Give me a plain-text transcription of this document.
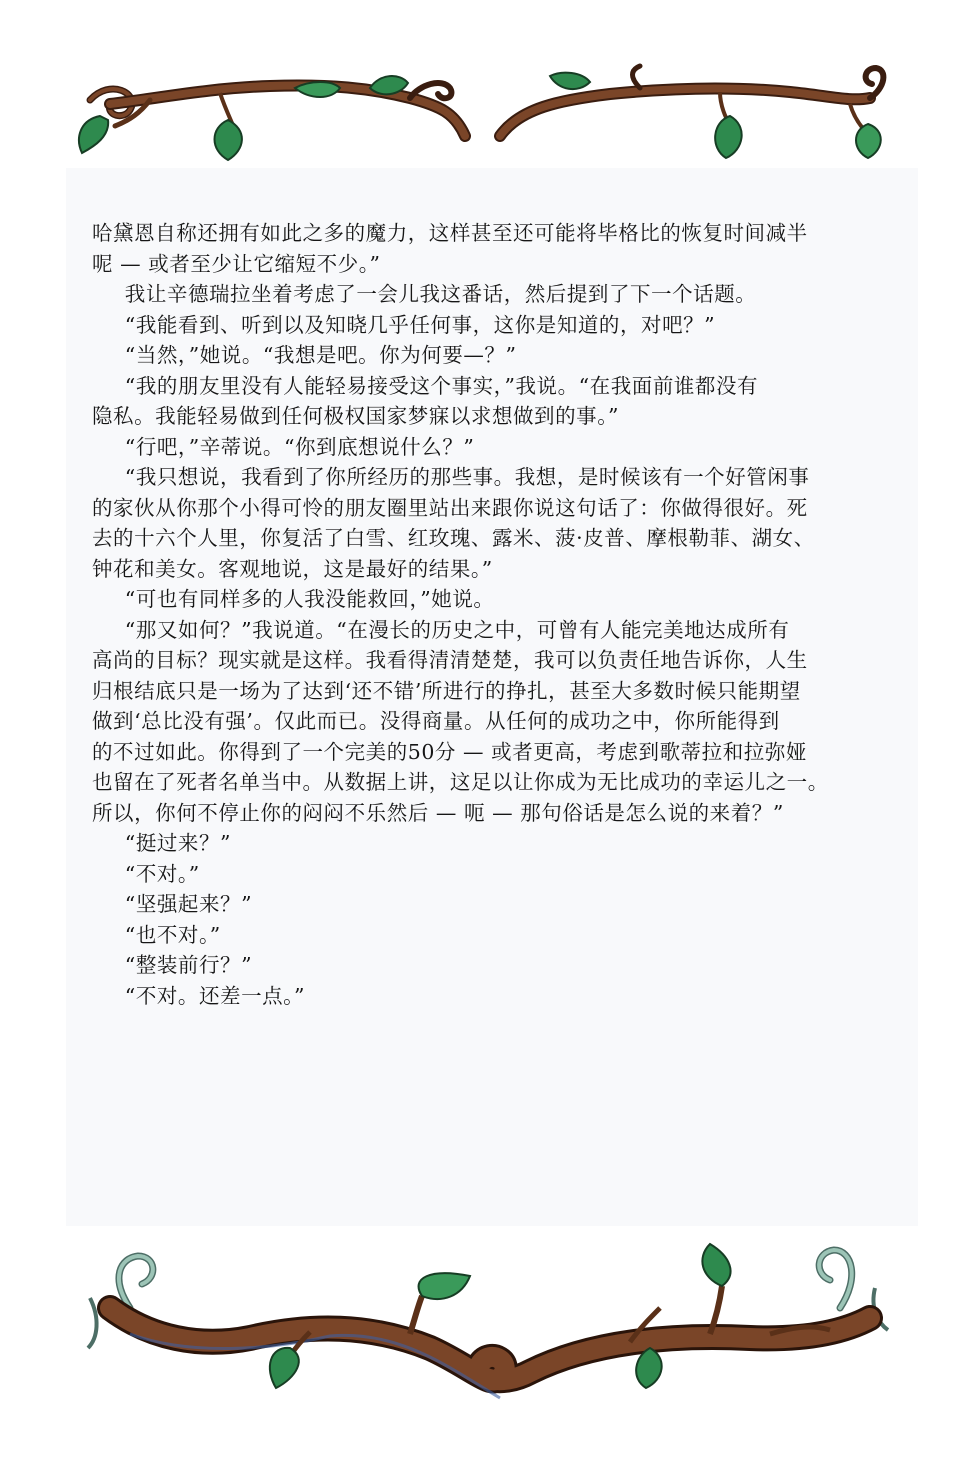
哈黛恩自称还拥有如此之多的魔力，这样甚至还可能将毕格比的恢复时间减半

呢 — 或者至少让它缩短不少。”

我让辛德瑞拉坐着考虑了一会儿我这番话，然后提到了下一个话题。

“我能看到、听到以及知晓几乎任何事，这你是知道的，对吧？”

“当然，”她说。“我想是吧。你为何要—？”

“我的朋友里没有人能轻易接受这个事实，”我说。“在我面前谁都没有

隐私。我能轻易做到任何极权国家梦寐以求想做到的事。”

“行吧，”辛蒂说。“你到底想说什么？”

“我只想说，我看到了你所经历的那些事。我想，是时候该有一个好管闲事

的家伙从你那个小得可怜的朋友圈里站出来跟你说这句话了：你做得很好。死

去的十六个人里，你复活了白雪、红玫瑰、露米、菠·皮普、摩根勒菲、湖女、

钟花和美女。客观地说，这是最好的结果。”

“可也有同样多的人我没能救回，”她说。

“那又如何？”我说道。“在漫长的历史之中，可曾有人能完美地达成所有

高尚的目标？现实就是这样。我看得清清楚楚，我可以负责任地告诉你，人生

归根结底只是一场为了达到‘还不错’所进行的挣扎，甚至大多数时候只能期望

做到‘总比没有强’。仅此而已。没得商量。从任何的成功之中，你所能得到

的不过如此。你得到了一个完美的50分 — 或者更高，考虑到歌蒂拉和拉弥娅

也留在了死者名单当中。从数据上讲，这足以让你成为无比成功的幸运儿之一。

所以，你何不停止你的闷闷不乐然后 — 呃 — 那句俗话是怎么说的来着？”

“挺过来？”

“不对。”

“坚强起来？”

“也不对。”

“整装前行？”

“不对。还差一点。”
